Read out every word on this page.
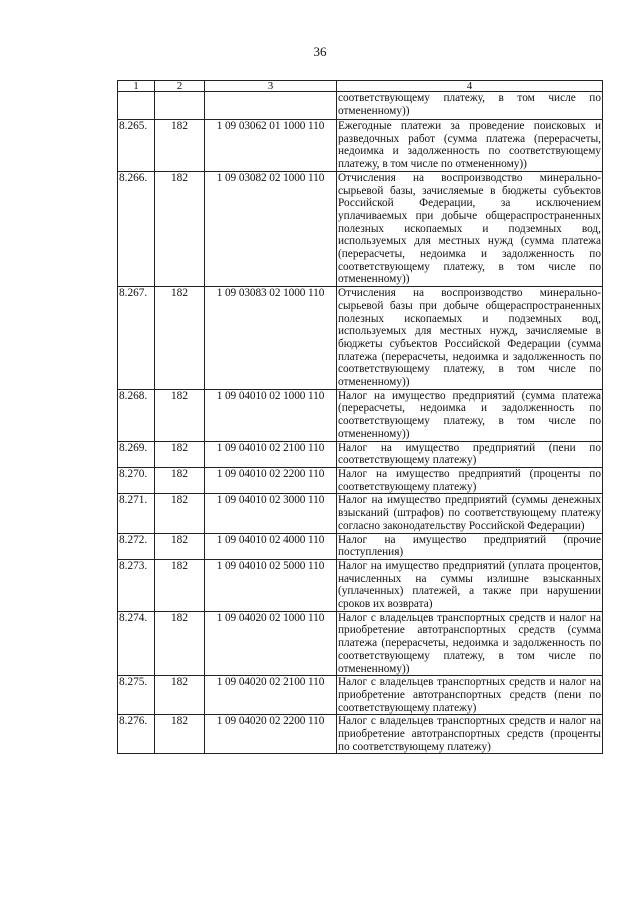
36
1	2	3	4
			соответствующему платежу, в том числе по отмененному))
8.265.	182	1 09 03062 01 1000 110	Ежегодные платежи за проведение поисковых и разведочных работ (сумма платежа (перерасчеты, недоимка и задолженность по соответствующему платежу, в том числе по отмененному))
8.266.	182	1 09 03082 02 1000 110	Отчисления на воспроизводство минерально-сырьевой базы, зачисляемые в бюджеты субъектов Российской Федерации, за исключением уплачиваемых при добыче общераспространенных полезных ископаемых и подземных вод, используемых для местных нужд (сумма платежа (перерасчеты, недоимка и задолженность по соответствующему платежу, в том числе по отмененному))
8.267.	182	1 09 03083 02 1000 110	Отчисления на воспроизводство минерально-сырьевой базы при добыче общераспространенных полезных ископаемых и подземных вод, используемых для местных нужд, зачисляемые в бюджеты субъектов Российской Федерации (сумма платежа (перерасчеты, недоимка и задолженность по соответствующему платежу, в том числе по отмененному))
8.268.	182	1 09 04010 02 1000 110	Налог на имущество предприятий (сумма платежа (перерасчеты, недоимка и задолженность по соответствующему платежу, в том числе по отмененному))
8.269.	182	1 09 04010 02 2100 110	Налог на имущество предприятий (пени по соответствующему платежу)
8.270.	182	1 09 04010 02 2200 110	Налог на имущество предприятий (проценты по соответствующему платежу)
8.271.	182	1 09 04010 02 3000 110	Налог на имущество предприятий (суммы денежных взысканий (штрафов) по соответствующему платежу согласно законодательству Российской Федерации)
8.272.	182	1 09 04010 02 4000 110	Налог на имущество предприятий (прочие поступления)
8.273.	182	1 09 04010 02 5000 110	Налог на имущество предприятий (уплата процентов, начисленных на суммы излишне взысканных (уплаченных) платежей, а также при нарушении сроков их возврата)
8.274.	182	1 09 04020 02 1000 110	Налог с владельцев транспортных средств и налог на приобретение автотранспортных средств (сумма платежа (перерасчеты, недоимка и задолженность по соответствующему платежу, в том числе по отмененному))
8.275.	182	1 09 04020 02 2100 110	Налог с владельцев транспортных средств и налог на приобретение автотранспортных средств (пени по соответствующему платежу)
8.276.	182	1 09 04020 02 2200 110	Налог с владельцев транспортных средств и налог на приобретение автотранспортных средств (проценты по соответствующему платежу)
